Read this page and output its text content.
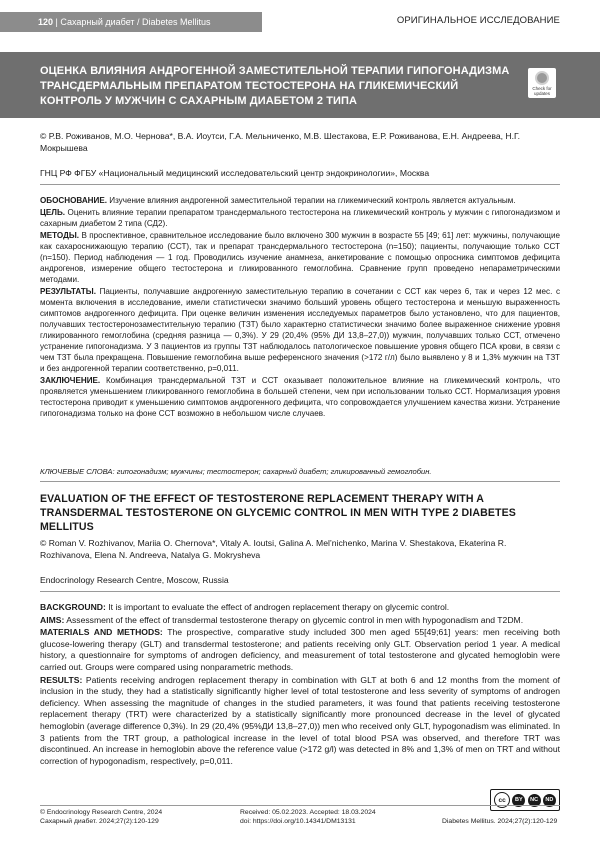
120 | Сахарный диабет / Diabetes Mellitus	ОРИГИНАЛЬНОЕ ИССЛЕДОВАНИЕ
ОЦЕНКА ВЛИЯНИЯ АНДРОГЕННОЙ ЗАМЕСТИТЕЛЬНОЙ ТЕРАПИИ ГИПОГОНАДИЗМА ТРАНСДЕРМАЛЬНЫМ ПРЕПАРАТОМ ТЕСТОСТЕРОНА НА ГЛИКЕМИЧЕСКИЙ КОНТРОЛЬ У МУЖЧИН С САХАРНЫМ ДИАБЕТОМ 2 ТИПА
Check for updates
© Р.В. Роживанов, М.О. Чернова*, В.А. Иоутси, Г.А. Мельниченко, М.В. Шестакова, Е.Р. Роживанова, Е.Н. Андреева, Н.Г. Мокрышева
ГНЦ РФ ФГБУ «Национальный медицинский исследовательский центр эндокринологии», Москва

ОБОСНОВАНИЕ. Изучение влияния андрогенной заместительной терапии на гликемический контроль является актуальным.

ЦЕЛЬ. Оценить влияние терапии препаратом трансдермального тестостерона на гликемический контроль у мужчин с гипогонадизмом и сахарным диабетом 2 типа (СД2).

МЕТОДЫ. В проспективное, сравнительное исследование было включено 300 мужчин в возрасте 55 [49; 61] лет: мужчины, получающие как сахароснижающую терапию (ССТ), так и препарат трансдермального тестостерона (n=150); пациенты, получающие только ССТ (n=150). Период наблюдения — 1 год. Проводились изучение анамнеза, анкетирование с помощью опросника симптомов дефицита андрогенов, измерение общего тестостерона и гликированного гемоглобина. Сравнение групп проведено непараметрическими методами.

РЕЗУЛЬТАТЫ. Пациенты, получавшие андрогенную заместительную терапию в сочетании с ССТ как через 6, так и через 12 мес. с момента включения в исследование, имели статистически значимо больший уровень общего тестостерона и меньшую выраженность симптомов андрогенного дефицита. При оценке величин изменения исследуемых параметров было установлено, что для пациентов, получавших тестостеронозаместительную терапию (ТЗТ) было характерно статистически значимо более выраженное снижение уровня гликированного гемоглобина (средняя разница — 0,3%). У 29 (20,4% (95% ДИ 13,8–27,0)) мужчин, получавших только ССТ, отмечено устранение гипогонадизма. У 3 пациентов из группы ТЗТ наблюдалось патологическое повышение уровня общего ПСА крови, в связи с чем ТЗТ была прекращена. Повышение гемоглобина выше референсного значения (>172 г/л) было выявлено у 8 и 1,3% мужчин на ТЗТ и без андрогенной терапии соответственно, p=0,011.

ЗАКЛЮЧЕНИЕ. Комбинация трансдермальной ТЗТ и ССТ оказывает положительное влияние на гликемический контроль, что проявляется уменьшением гликированного гемоглобина в большей степени, чем при использовании только ССТ. Нормализация уровня тестостерона приводит к уменьшению симптомов андрогенного дефицита, что сопровождается улучшением качества жизни. Устранение гипогонадизма только на фоне ССТ возможно в небольшом числе случаев.

КЛЮЧЕВЫЕ СЛОВА: гипогонадизм; мужчины; тестостерон; сахарный диабет; гликированный гемоглобин.
EVALUATION OF THE EFFECT OF TESTOSTERONE REPLACEMENT THERAPY WITH A TRANSDERMAL TESTOSTERONE ON GLYCEMIC CONTROL IN MEN WITH TYPE 2 DIABETES MELLITUS
© Roman V. Rozhivanov, Mariia O. Chernova*, Vitaly A. Ioutsi, Galina A. Mel’nichenko, Marina V. Shestakova, Ekaterina R. Rozhivanova, Elena N. Andreeva, Natalya G. Mokrysheva
Endocrinology Research Centre, Moscow, Russia

BACKGROUND: It is important to evaluate the effect of androgen replacement therapy on glycemic control.

AIMS: Assessment of the effect of transdermal testosterone therapy on glycemic control in men with hypogonadism and T2DM.

MATERIALS AND METHODS: The prospective, comparative study included 300 men aged 55[49;61] years: men receiving both glucose-lowering therapy (GLT) and transdermal testosterone; and patients receiving only GLT. Observation period 1 year. A medical history, a questionnaire for symptoms of androgen deficiency, and measurement of total testosterone and glycated hemoglobin were carried out. Groups were compared using nonparametric methods.

RESULTS: Patients receiving androgen replacement therapy in combination with GLT at both 6 and 12 months from the moment of inclusion in the study, they had a statistically significantly higher level of total testosterone and less severity of symptoms of androgen deficiency. When assessing the magnitude of changes in the studied parameters, it was found that patients receiving testosterone replacement therapy (TRT) were characterized by a statistically significantly more pronounced decrease in the level of glycated hemoglobin (average difference 0,3%). In 29 (20,4% (95%ДИ 13,8–27,0)) men who received only GLT, hypogonadism was eliminated. In 3 patients from the TRT group, a pathological increase in the level of total blood PSA was observed, and therefore TRT was discontinued. An increase in hemoglobin above the reference value (>172 g/l) was detected in 8% and 1,3% of men on TRT and without correction of hypogonadism, respectively, p=0,011.

cc	BY	NC	ND
© Endocrinology Research Centre, 2024
Сахарный диабет. 2024;27(2):120-129
Received: 05.02.2023. Accepted: 18.03.2024
doi: https://doi.org/10.14341/DM13131	Diabetes Mellitus. 2024;27(2):120-129
